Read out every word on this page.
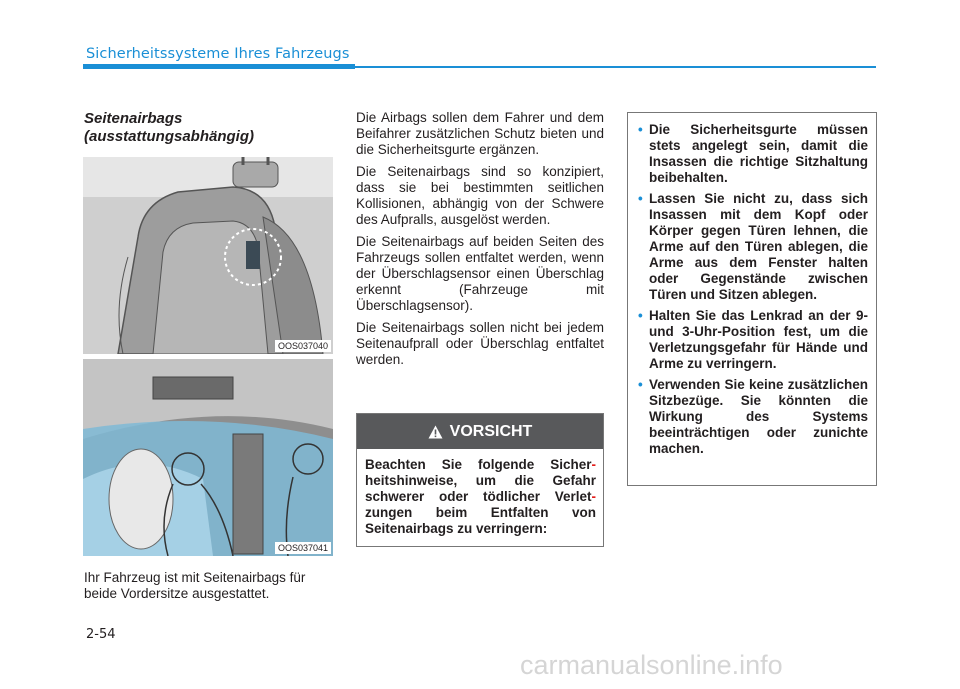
Sicherheitssysteme Ihres Fahrzeugs
Seitenairbags
(ausstattungsabhängig)
OOS037040
OOS037041
Ihr Fahrzeug ist mit Seitenairbags für beide Vordersitze ausgestattet.

Die Airbags sollen dem Fahrer und dem Beifahrer zusätzlichen Schutz bieten und die Sicherheitsgurte ergänzen.

Die Seitenairbags sind so konzipiert, dass sie bei bestimmten seitlichen Kollisionen, abhängig von der Schwere des Aufpralls, ausgelöst werden.

Die Seitenairbags auf beiden Seiten des Fahrzeugs sollen entfaltet werden, wenn der Überschlagsensor einen Überschlag erkennt (Fahrzeuge mit Überschlagsensor).

Die Seitenairbags sollen nicht bei jedem Seitenaufprall oder Überschlag entfaltet werden.

VORSICHT
Beachten Sie folgende Sicher- heitshinweise, um die Gefahr schwerer oder tödlicher Verlet- zungen beim Entfalten von Seitenairbags zu verringern:
• Die Sicherheitsgurte müssen stets angelegt sein, damit die Insassen die richtige Sitzhaltung beibehalten.
• Lassen Sie nicht zu, dass sich Insassen mit dem Kopf oder Körper gegen Türen lehnen, die Arme auf den Türen ablegen, die Arme aus dem Fenster halten oder Gegenstände zwischen Türen und Sitzen ablegen.
• Halten Sie das Lenkrad an der 9- und 3-Uhr-Position fest, um die Verletzungsgefahr für Hände und Arme zu verringern.
• Verwenden Sie keine zusätzlichen Sitzbezüge. Sie könnten die Wirkung des Systems beeinträchtigen oder zunichte machen.
2-54
carmanualsonline.info
